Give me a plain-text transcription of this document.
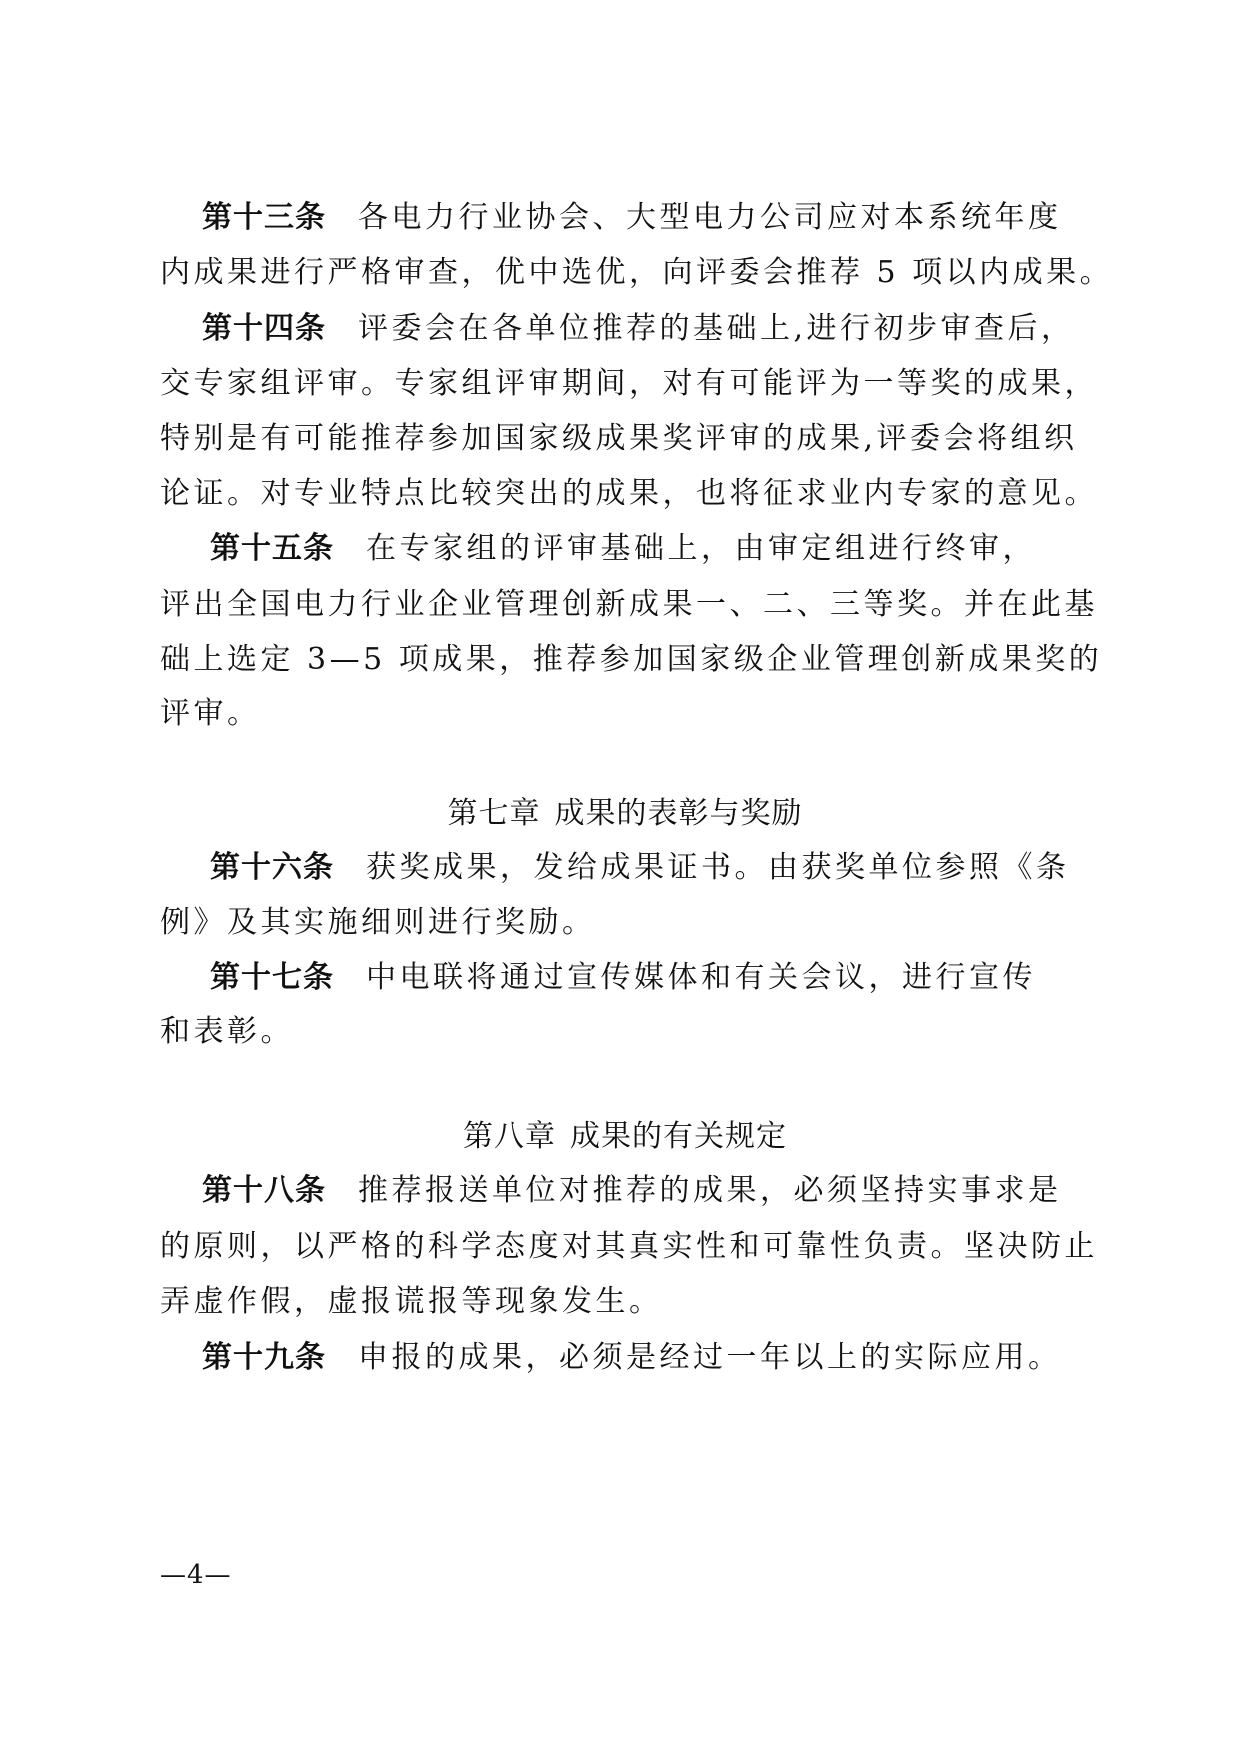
第十三条 各电力行业协会、大型电力公司应对本系统年度
内成果进行严格审查，优中选优，向评委会推荐 5 项以内成果。
第十四条 评委会在各单位推荐的基础上,进行初步审查后，
交专家组评审。专家组评审期间，对有可能评为一等奖的成果，
特别是有可能推荐参加国家级成果奖评审的成果,评委会将组织
论证。对专业特点比较突出的成果，也将征求业内专家的意见。
第十五条 在专家组的评审基础上，由审定组进行终审，
评出全国电力行业企业管理创新成果一、二、三等奖。并在此基
础上选定 3—5 项成果，推荐参加国家级企业管理创新成果奖的
评审。
第七章 成果的表彰与奖励
第十六条 获奖成果，发给成果证书。由获奖单位参照《条
例》及其实施细则进行奖励。
第十七条 中电联将通过宣传媒体和有关会议，进行宣传
和表彰。
第八章 成果的有关规定
第十八条 推荐报送单位对推荐的成果，必须坚持实事求是
的原则，以严格的科学态度对其真实性和可靠性负责。坚决防止
弄虚作假，虚报谎报等现象发生。
第十九条 申报的成果，必须是经过一年以上的实际应用。
—4—
